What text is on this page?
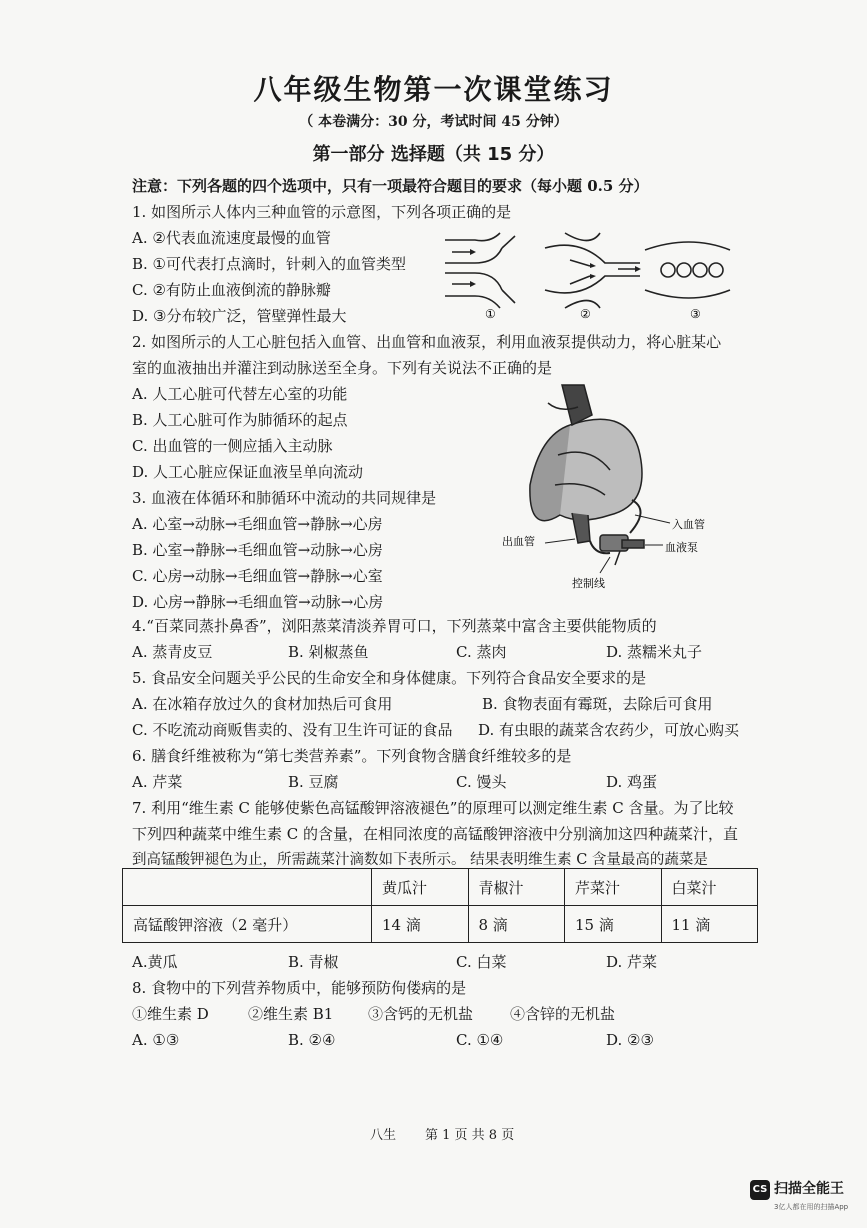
八年级生物第一次课堂练习
（ 本卷满分：30 分，考试时间 45 分钟）
第一部分 选择题（共 15 分）
注意：下列各题的四个选项中，只有一项最符合题目的要求（每小题 0.5 分）
1. 如图所示人体内三种血管的示意图，下列各项正确的是
A. ②代表血流速度最慢的血管
B. ①可代表打点滴时，针刺入的血管类型
C. ②有防止血液倒流的静脉瓣
D. ③分布较广泛，管壁弹性最大	①	②	③
2. 如图所示的人工心脏包括入血管、出血管和血液泵，利用血液泵提供动力，将心脏某心
室的血液抽出并灌注到动脉送至全身。下列有关说法不正确的是
A. 人工心脏可代替左心室的功能
B. 人工心脏可作为肺循环的起点
C. 出血管的一侧应插入主动脉
D. 人工心脏应保证血液呈单向流动
入血管
血液泵
出血管
控制线
3. 血液在体循环和肺循环中流动的共同规律是
A. 心室→动脉→毛细血管→静脉→心房
B. 心室→静脉→毛细血管→动脉→心房
C. 心房→动脉→毛细血管→静脉→心室
D. 心房→静脉→毛细血管→动脉→心房
4.“百菜同蒸扑鼻香”，浏阳蒸菜清淡养胃可口，下列蒸菜中富含主要供能物质的
A. 蒸青皮豆	B. 剁椒蒸鱼	C. 蒸肉	D. 蒸糯米丸子
5. 食品安全问题关乎公民的生命安全和身体健康。下列符合食品安全要求的是
A. 在冰箱存放过久的食材加热后可食用	B. 食物表面有霉斑，去除后可食用
C. 不吃流动商贩售卖的、没有卫生许可证的食品 D. 有虫眼的蔬菜含农药少，可放心购买
6. 膳食纤维被称为“第七类营养素”。下列食物含膳食纤维较多的是
A. 芹菜	B. 豆腐	C. 馒头	D. 鸡蛋
7. 利用“维生素 C 能够使紫色高锰酸钾溶液褪色”的原理可以测定维生素 C 含量。为了比较
下列四种蔬菜中维生素 C 的含量，在相同浓度的高锰酸钾溶液中分别滴加这四种蔬菜汁，直
到高锰酸钾褪色为止，所需蔬菜汁滴数如下表所示。 结果表明维生素 C 含量最高的蔬菜是
	黄瓜汁	青椒汁	芹菜汁	白菜汁
高锰酸钾溶液（2 毫升）	14 滴	8 滴	15 滴	11 滴
A.黄瓜	B. 青椒	C. 白菜	D. 芹菜
8. 食物中的下列营养物质中，能够预防佝偻病的是
①维生素 D	②维生素 B1 ③含钙的无机盐 ④含锌的无机盐
A. ①③	B. ②④	C. ①④	D. ②③
八生 第 1 页 共 8 页
CS 扫描全能王
3亿人都在用的扫描App
